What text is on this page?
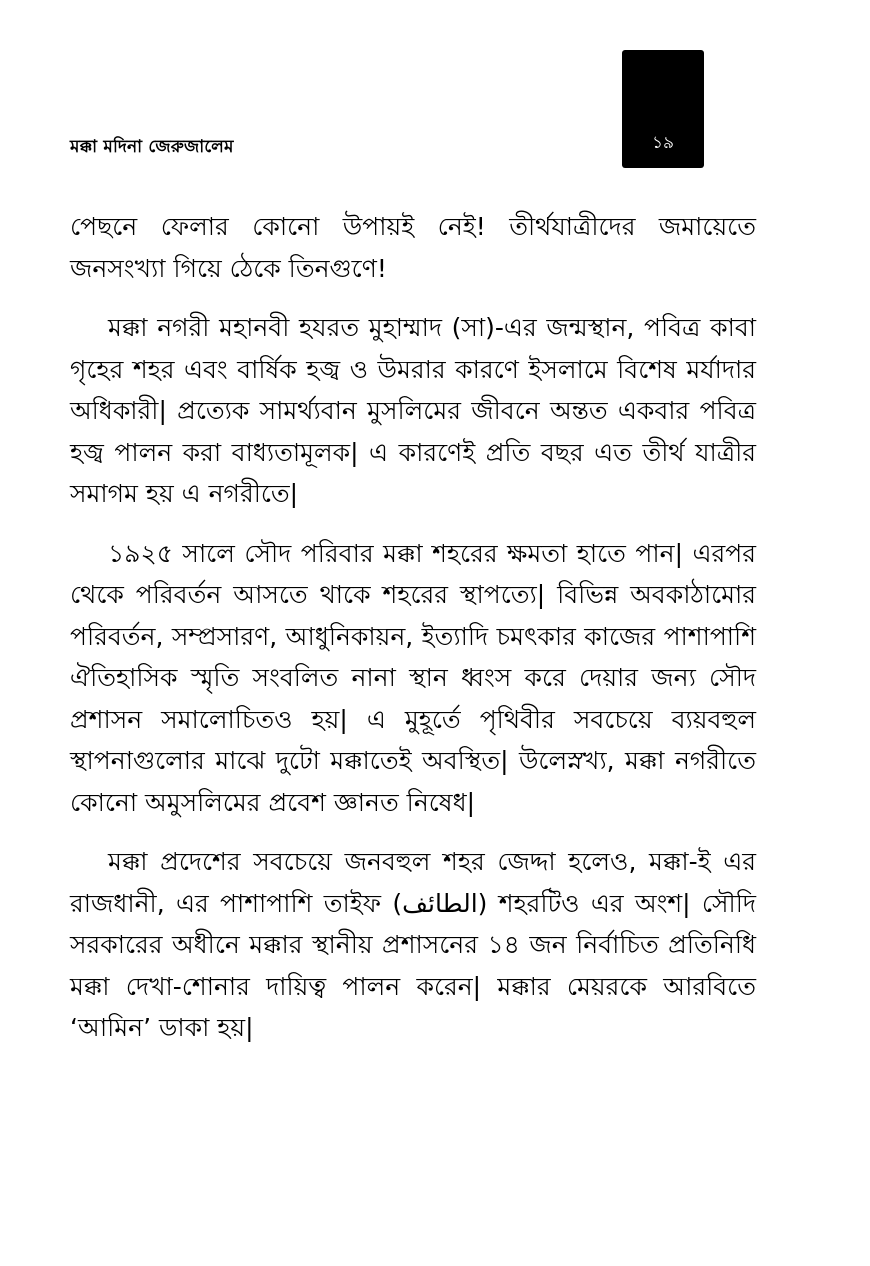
মক্কা মদিনা জেরুজালেম	১৯

পেছনে ফেলার কোনো উপায়ই নেই! তীর্থযাত্রীদের জমায়েতে জনসংখ্যা গিয়ে ঠেকে তিনগুণে!

মক্কা নগরী মহানবী হযরত মুহাম্মাদ (সা)-এর জন্মস্থান, পবিত্র কাবা গৃহের শহর এবং বার্ষিক হজ্ব ও উমরার কারণে ইসলামে বিশেষ মর্যাদার অধিকারী| প্রত্যেক সামর্থ্যবান মুসলিমের জীবনে অন্তত একবার পবিত্র হজ্ব পালন করা বাধ্যতামূলক| এ কারণেই প্রতি বছর এত তীর্থ যাত্রীর সমাগম হয় এ নগরীতে|

১৯২৫ সালে সৌদ পরিবার মক্কা শহরের ক্ষমতা হাতে পান| এরপর থেকে পরিবর্তন আসতে থাকে শহরের স্থাপত্যে| বিভিন্ন অবকাঠামোর পরিবর্তন, সম্প্রসারণ, আধুনিকায়ন, ইত্যাদি চমৎকার কাজের পাশাপাশি ঐতিহাসিক স্মৃতি সংবলিত নানা স্থান ধ্বংস করে দেয়ার জন্য সৌদ প্রশাসন সমালোচিতও হয়| এ মুহূর্তে পৃথিবীর সবচেয়ে ব্যয়বহুল স্থাপনাগুলোর মাঝে দুটো মক্কাতেই অবস্থিত| উলেস্নখ্য, মক্কা নগরীতে কোনো অমুসলিমের প্রবেশ জ্ঞানত নিষেধ|

মক্কা প্রদেশের সবচেয়ে জনবহুল শহর জেদ্দা হলেও, মক্কা-ই এর রাজধানী, এর পাশাপাশি তাইফ (الطائف) শহরটিও এর অংশ| সৌদি সরকারের অধীনে মক্কার স্থানীয় প্রশাসনের ১৪ জন নির্বাচিত প্রতিনিধি মক্কা দেখা-শোনার দায়িত্ব পালন করেন| মক্কার মেয়রকে আরবিতে ‘আমিন’ ডাকা হয়|
